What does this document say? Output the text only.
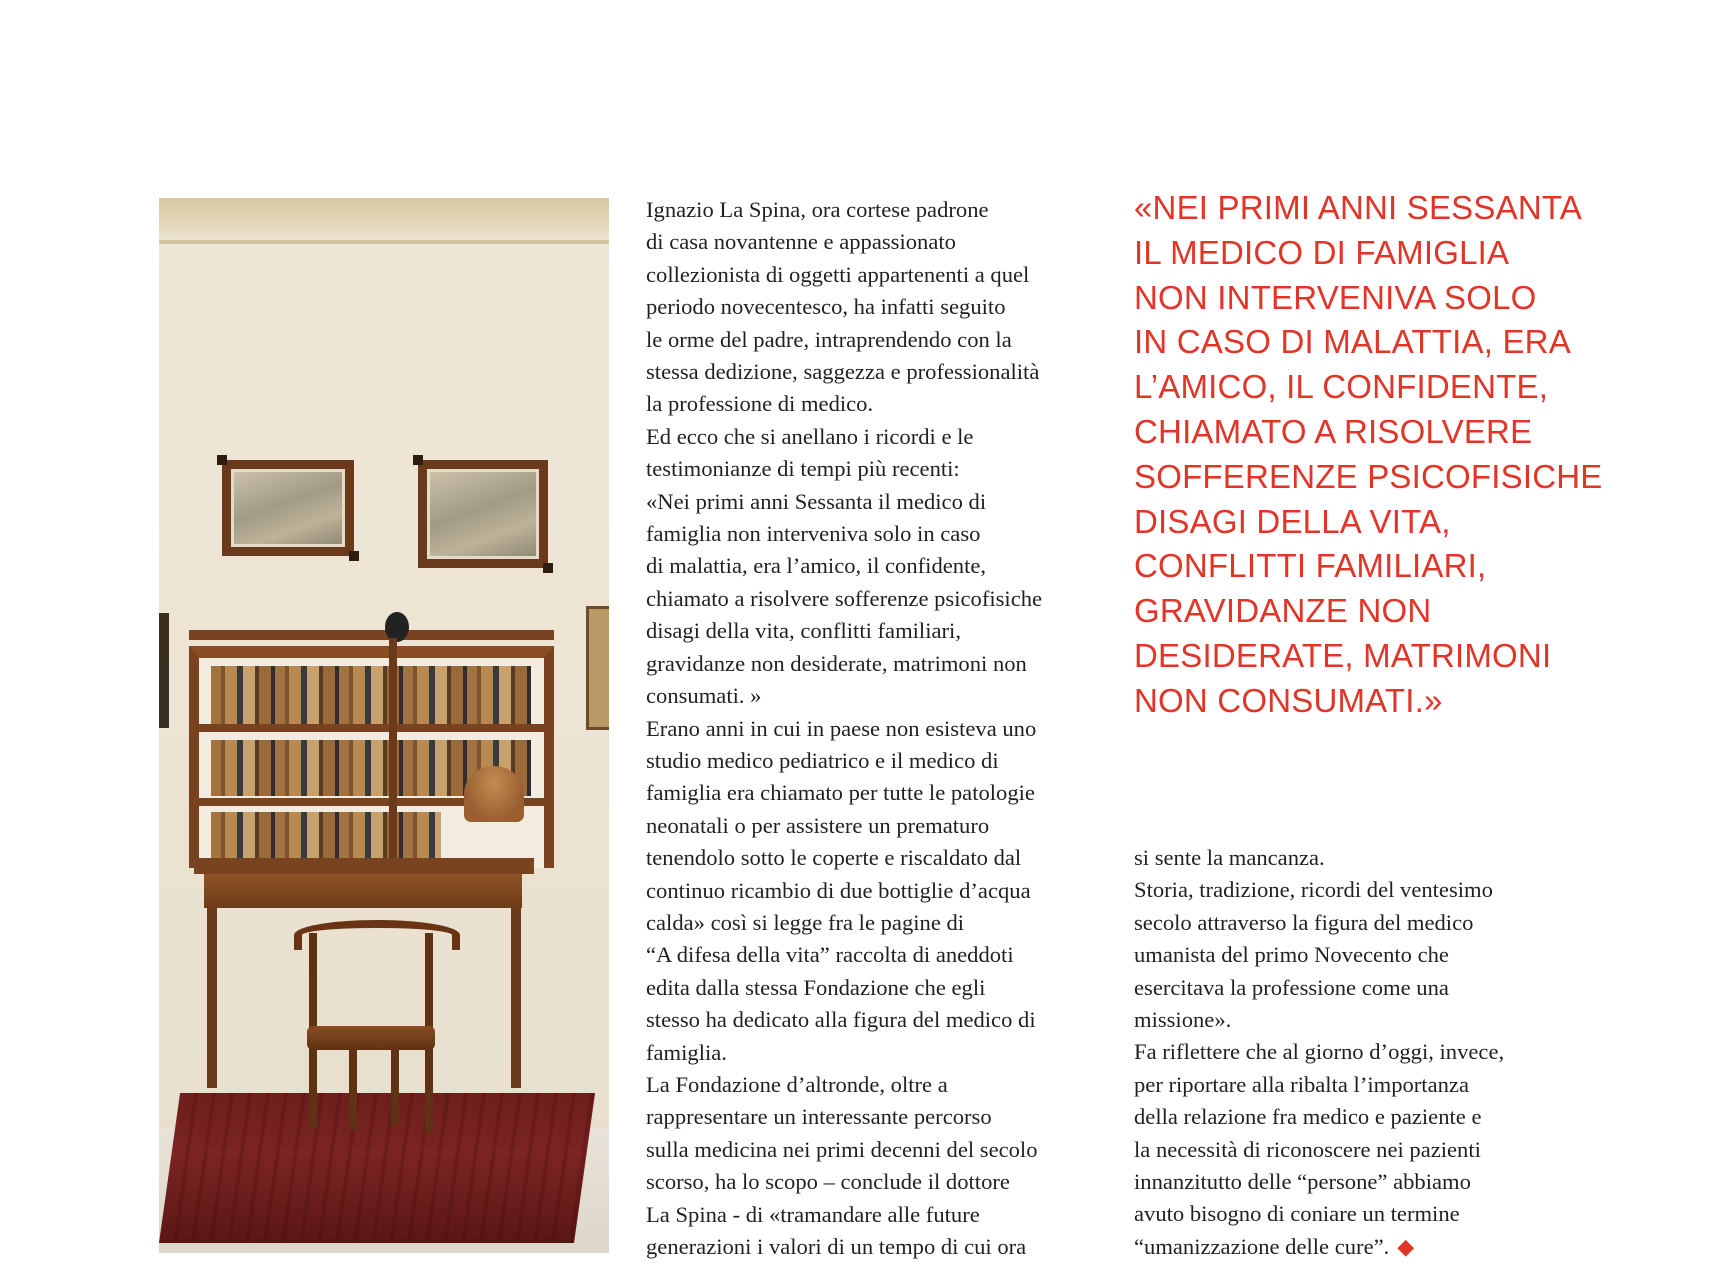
Ignazio La Spina, ora cortese padrone
di casa novantenne e appassionato
collezionista di oggetti appartenenti a quel
periodo novecentesco, ha infatti seguito
le orme del padre, intraprendendo con la
stessa dedizione, saggezza e professionalità
la professione di medico.
Ed ecco che si anellano i ricordi e le
testimonianze di tempi più recenti:
«Nei primi anni Sessanta il medico di
famiglia non interveniva solo in caso
di malattia, era l’amico, il confidente,
chiamato a risolvere sofferenze psicofisiche
disagi della vita, conflitti familiari,
gravidanze non desiderate, matrimoni non
consumati. »
Erano anni in cui in paese non esisteva uno
studio medico pediatrico e il medico di
famiglia era chiamato per tutte le patologie
neonatali o per assistere un prematuro
tenendolo sotto le coperte e riscaldato dal
continuo ricambio di due bottiglie d’acqua
calda» così si legge fra le pagine di
“A difesa della vita” raccolta di aneddoti
edita dalla stessa Fondazione che egli
stesso ha dedicato alla figura del medico di
famiglia.
La Fondazione d’altronde, oltre a
rappresentare un interessante percorso
sulla medicina nei primi decenni del secolo
scorso, ha lo scopo – conclude il dottore
La Spina - di «tramandare alle future
generazioni i valori di un tempo di cui ora
«NEI PRIMI ANNI SESSANTA
IL MEDICO DI FAMIGLIA
NON INTERVENIVA SOLO
IN CASO DI MALATTIA, ERA
L’AMICO, IL CONFIDENTE,
CHIAMATO A RISOLVERE
SOFFERENZE PSICOFISICHE
DISAGI DELLA VITA,
CONFLITTI FAMILIARI,
GRAVIDANZE NON
DESIDERATE, MATRIMONI
NON CONSUMATI.»
si sente la mancanza.
Storia, tradizione, ricordi del ventesimo
secolo attraverso la figura del medico
umanista del primo Novecento che
esercitava la professione come una
missione».
Fa riflettere che al giorno d’oggi, invece,
per riportare alla ribalta l’importanza
della relazione fra medico e paziente e
la necessità di riconoscere nei pazienti
innanzitutto delle “persone” abbiamo
avuto bisogno di coniare un termine
“umanizzazione delle cure”. ◆
